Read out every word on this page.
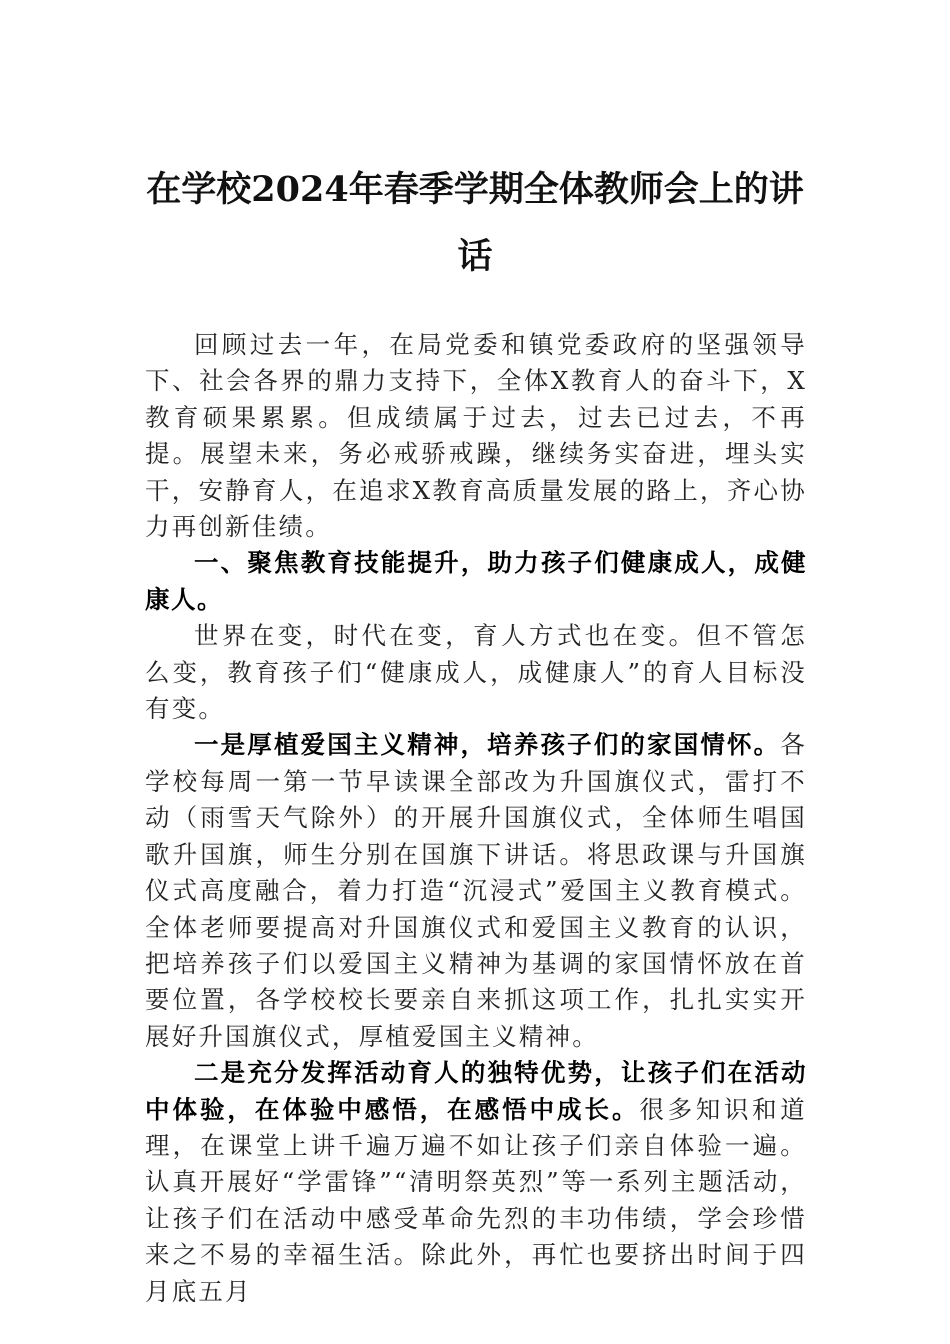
在学校2024年春季学期全体教师会上的讲话

回顾过去一年，在局党委和镇党委政府的坚强领导下、社会各界的鼎力支持下，全体X教育人的奋斗下，X教育硕果累累。但成绩属于过去，过去已过去，不再提。展望未来，务必戒骄戒躁，继续务实奋进，埋头实干，安静育人，在追求X教育高质量发展的路上，齐心协力再创新佳绩。

一、聚焦教育技能提升，助力孩子们健康成人，成健康人。

世界在变，时代在变，育人方式也在变。但不管怎么变，教育孩子们“健康成人，成健康人”的育人目标没有变。

一是厚植爱国主义精神，培养孩子们的家国情怀。各学校每周一第一节早读课全部改为升国旗仪式，雷打不动（雨雪天气除外）的开展升国旗仪式，全体师生唱国歌升国旗，师生分别在国旗下讲话。将思政课与升国旗仪式高度融合，着力打造“沉浸式”爱国主义教育模式。全体老师要提高对升国旗仪式和爱国主义教育的认识，把培养孩子们以爱国主义精神为基调的家国情怀放在首要位置，各学校校长要亲自来抓这项工作，扎扎实实开展好升国旗仪式，厚植爱国主义精神。

二是充分发挥活动育人的独特优势，让孩子们在活动中体验，在体验中感悟，在感悟中成长。很多知识和道理，在课堂上讲千遍万遍不如让孩子们亲自体验一遍。认真开展好“学雷锋”“清明祭英烈”等一系列主题活动，让孩子们在活动中感受革命先烈的丰功伟绩，学会珍惜来之不易的幸福生活。除此外，再忙也要挤出时间于四月底五月
